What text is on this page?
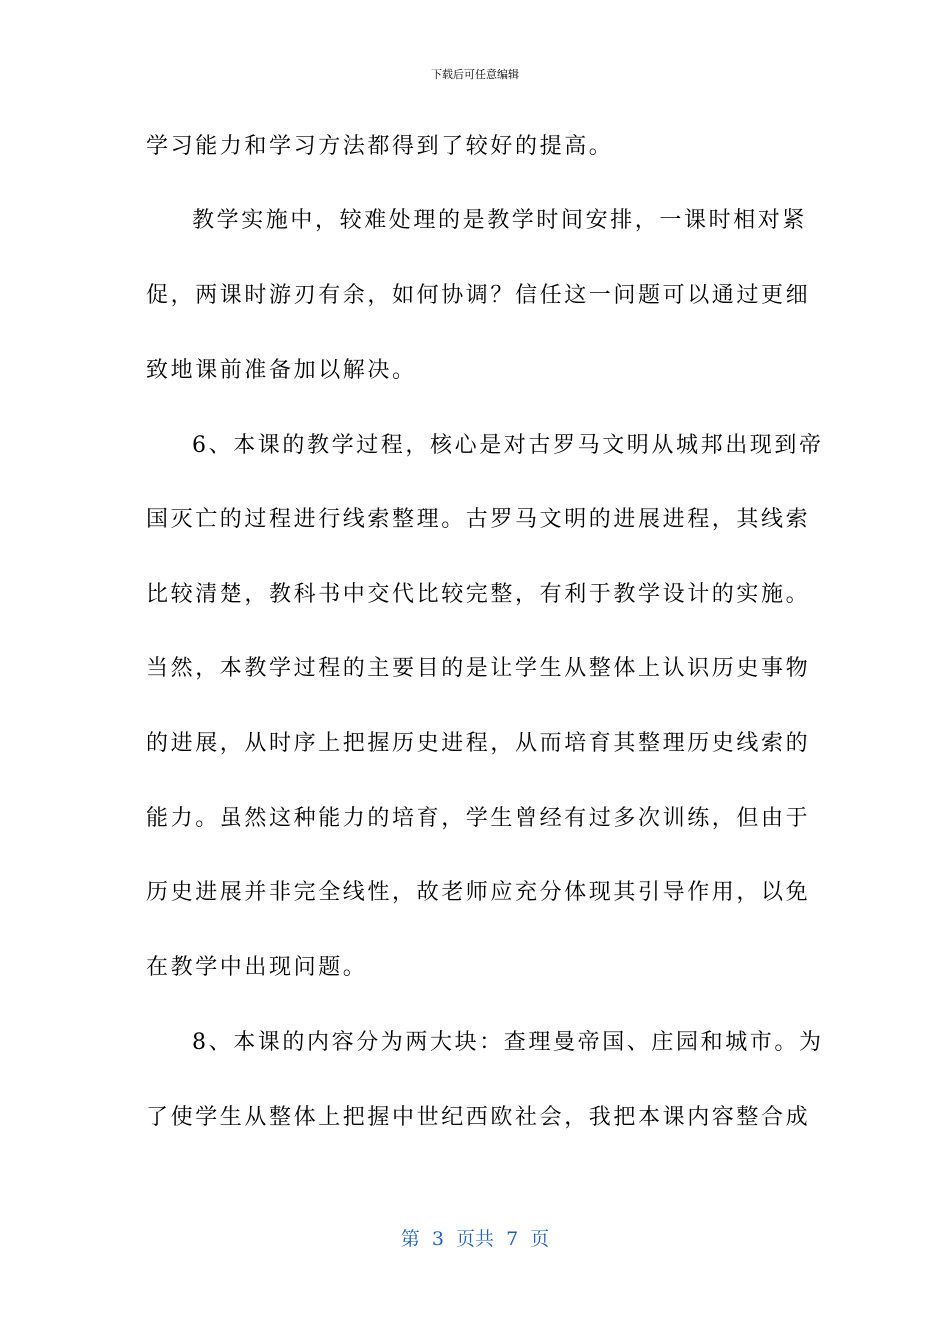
下载后可任意编辑
学习能力和学习方法都得到了较好的提高。
教学实施中，较难处理的是教学时间安排，一课时相对紧
促，两课时游刃有余，如何协调？信任这一问题可以通过更细
致地课前准备加以解决。
6、本课的教学过程，核心是对古罗马文明从城邦出现到帝
国灭亡的过程进行线索整理。古罗马文明的进展进程，其线索
比较清楚，教科书中交代比较完整，有利于教学设计的实施。
当然，本教学过程的主要目的是让学生从整体上认识历史事物
的进展，从时序上把握历史进程，从而培育其整理历史线索的
能力。虽然这种能力的培育，学生曾经有过多次训练，但由于
历史进展并非完全线性，故老师应充分体现其引导作用，以免
在教学中出现问题。
8、本课的内容分为两大块：查理曼帝国、庄园和城市。为
了使学生从整体上把握中世纪西欧社会，我把本课内容整合成
第  3  页共  7  页
